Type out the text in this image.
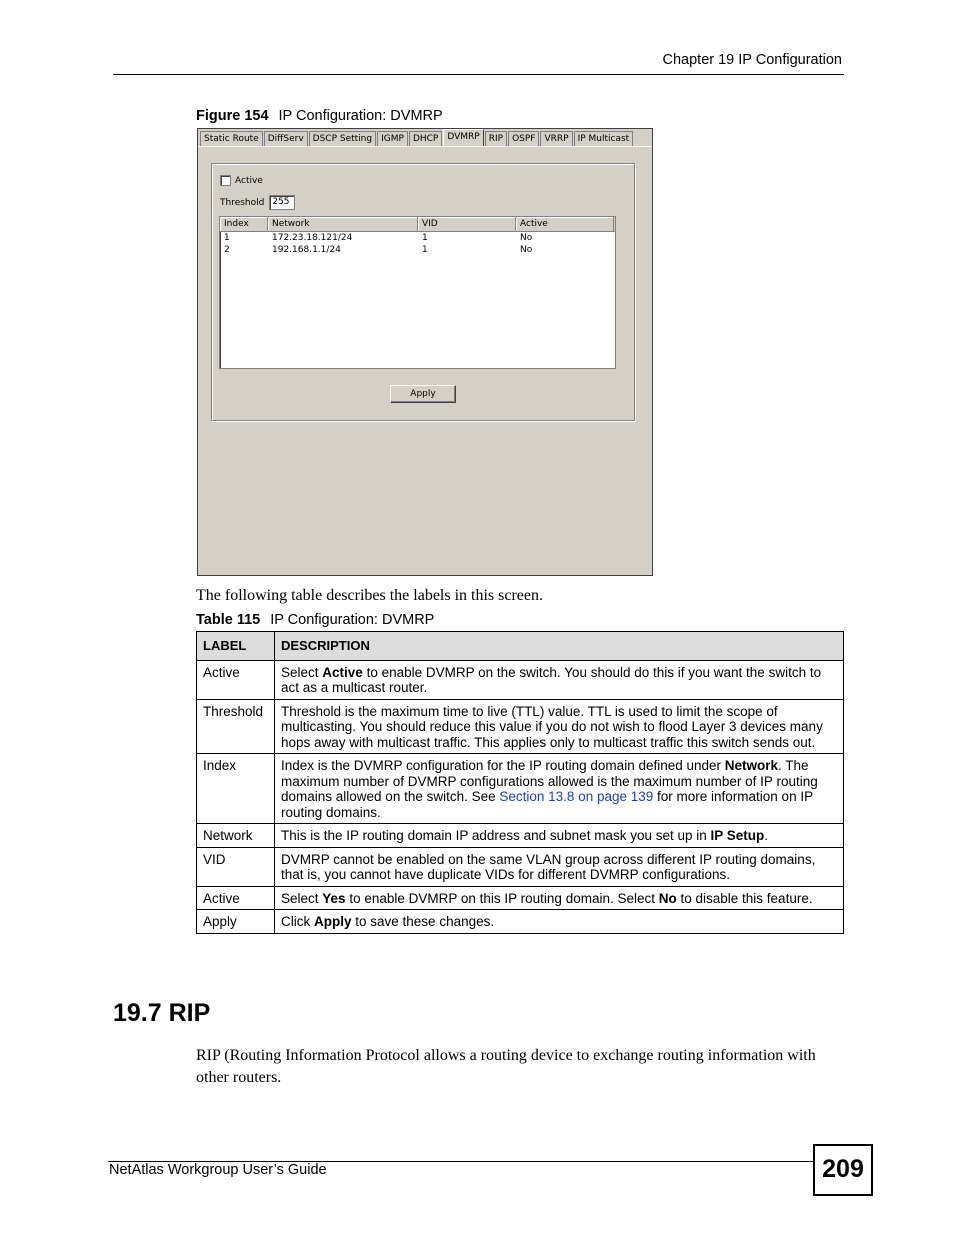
Chapter 19 IP Configuration
Figure 154 IP Configuration: DVMRP
Static Route	DiffServ	DSCP Setting	IGMP	DHCP	DVMRP	RIP	OSPF	VRRP	IP Multicast
Active
Threshold 255
Index	Network	VID	Active
1	172.23.18.121/24	1	No
2	192.168.1.1/24	1	No
Apply
The following table describes the labels in this screen.
Table 115 IP Configuration: DVMRP
LABEL	DESCRIPTION
Active	Select Active to enable DVMRP on the switch. You should do this if you want the switch to act as a multicast router.
Threshold	Threshold is the maximum time to live (TTL) value. TTL is used to limit the scope of multicasting. You should reduce this value if you do not wish to flood Layer 3 devices many hops away with multicast traffic. This applies only to multicast traffic this switch sends out.
Index	Index is the DVMRP configuration for the IP routing domain defined under Network. The maximum number of DVMRP configurations allowed is the maximum number of IP routing domains allowed on the switch. See Section 13.8 on page 139 for more information on IP routing domains.
Network	This is the IP routing domain IP address and subnet mask you set up in IP Setup.
VID	DVMRP cannot be enabled on the same VLAN group across different IP routing domains, that is, you cannot have duplicate VIDs for different DVMRP configurations.
Active	Select Yes to enable DVMRP on this IP routing domain. Select No to disable this feature.
Apply	Click Apply to save these changes.
19.7 RIP
RIP (Routing Information Protocol allows a routing device to exchange routing information with other routers.
NetAtlas Workgroup User’s Guide	209
